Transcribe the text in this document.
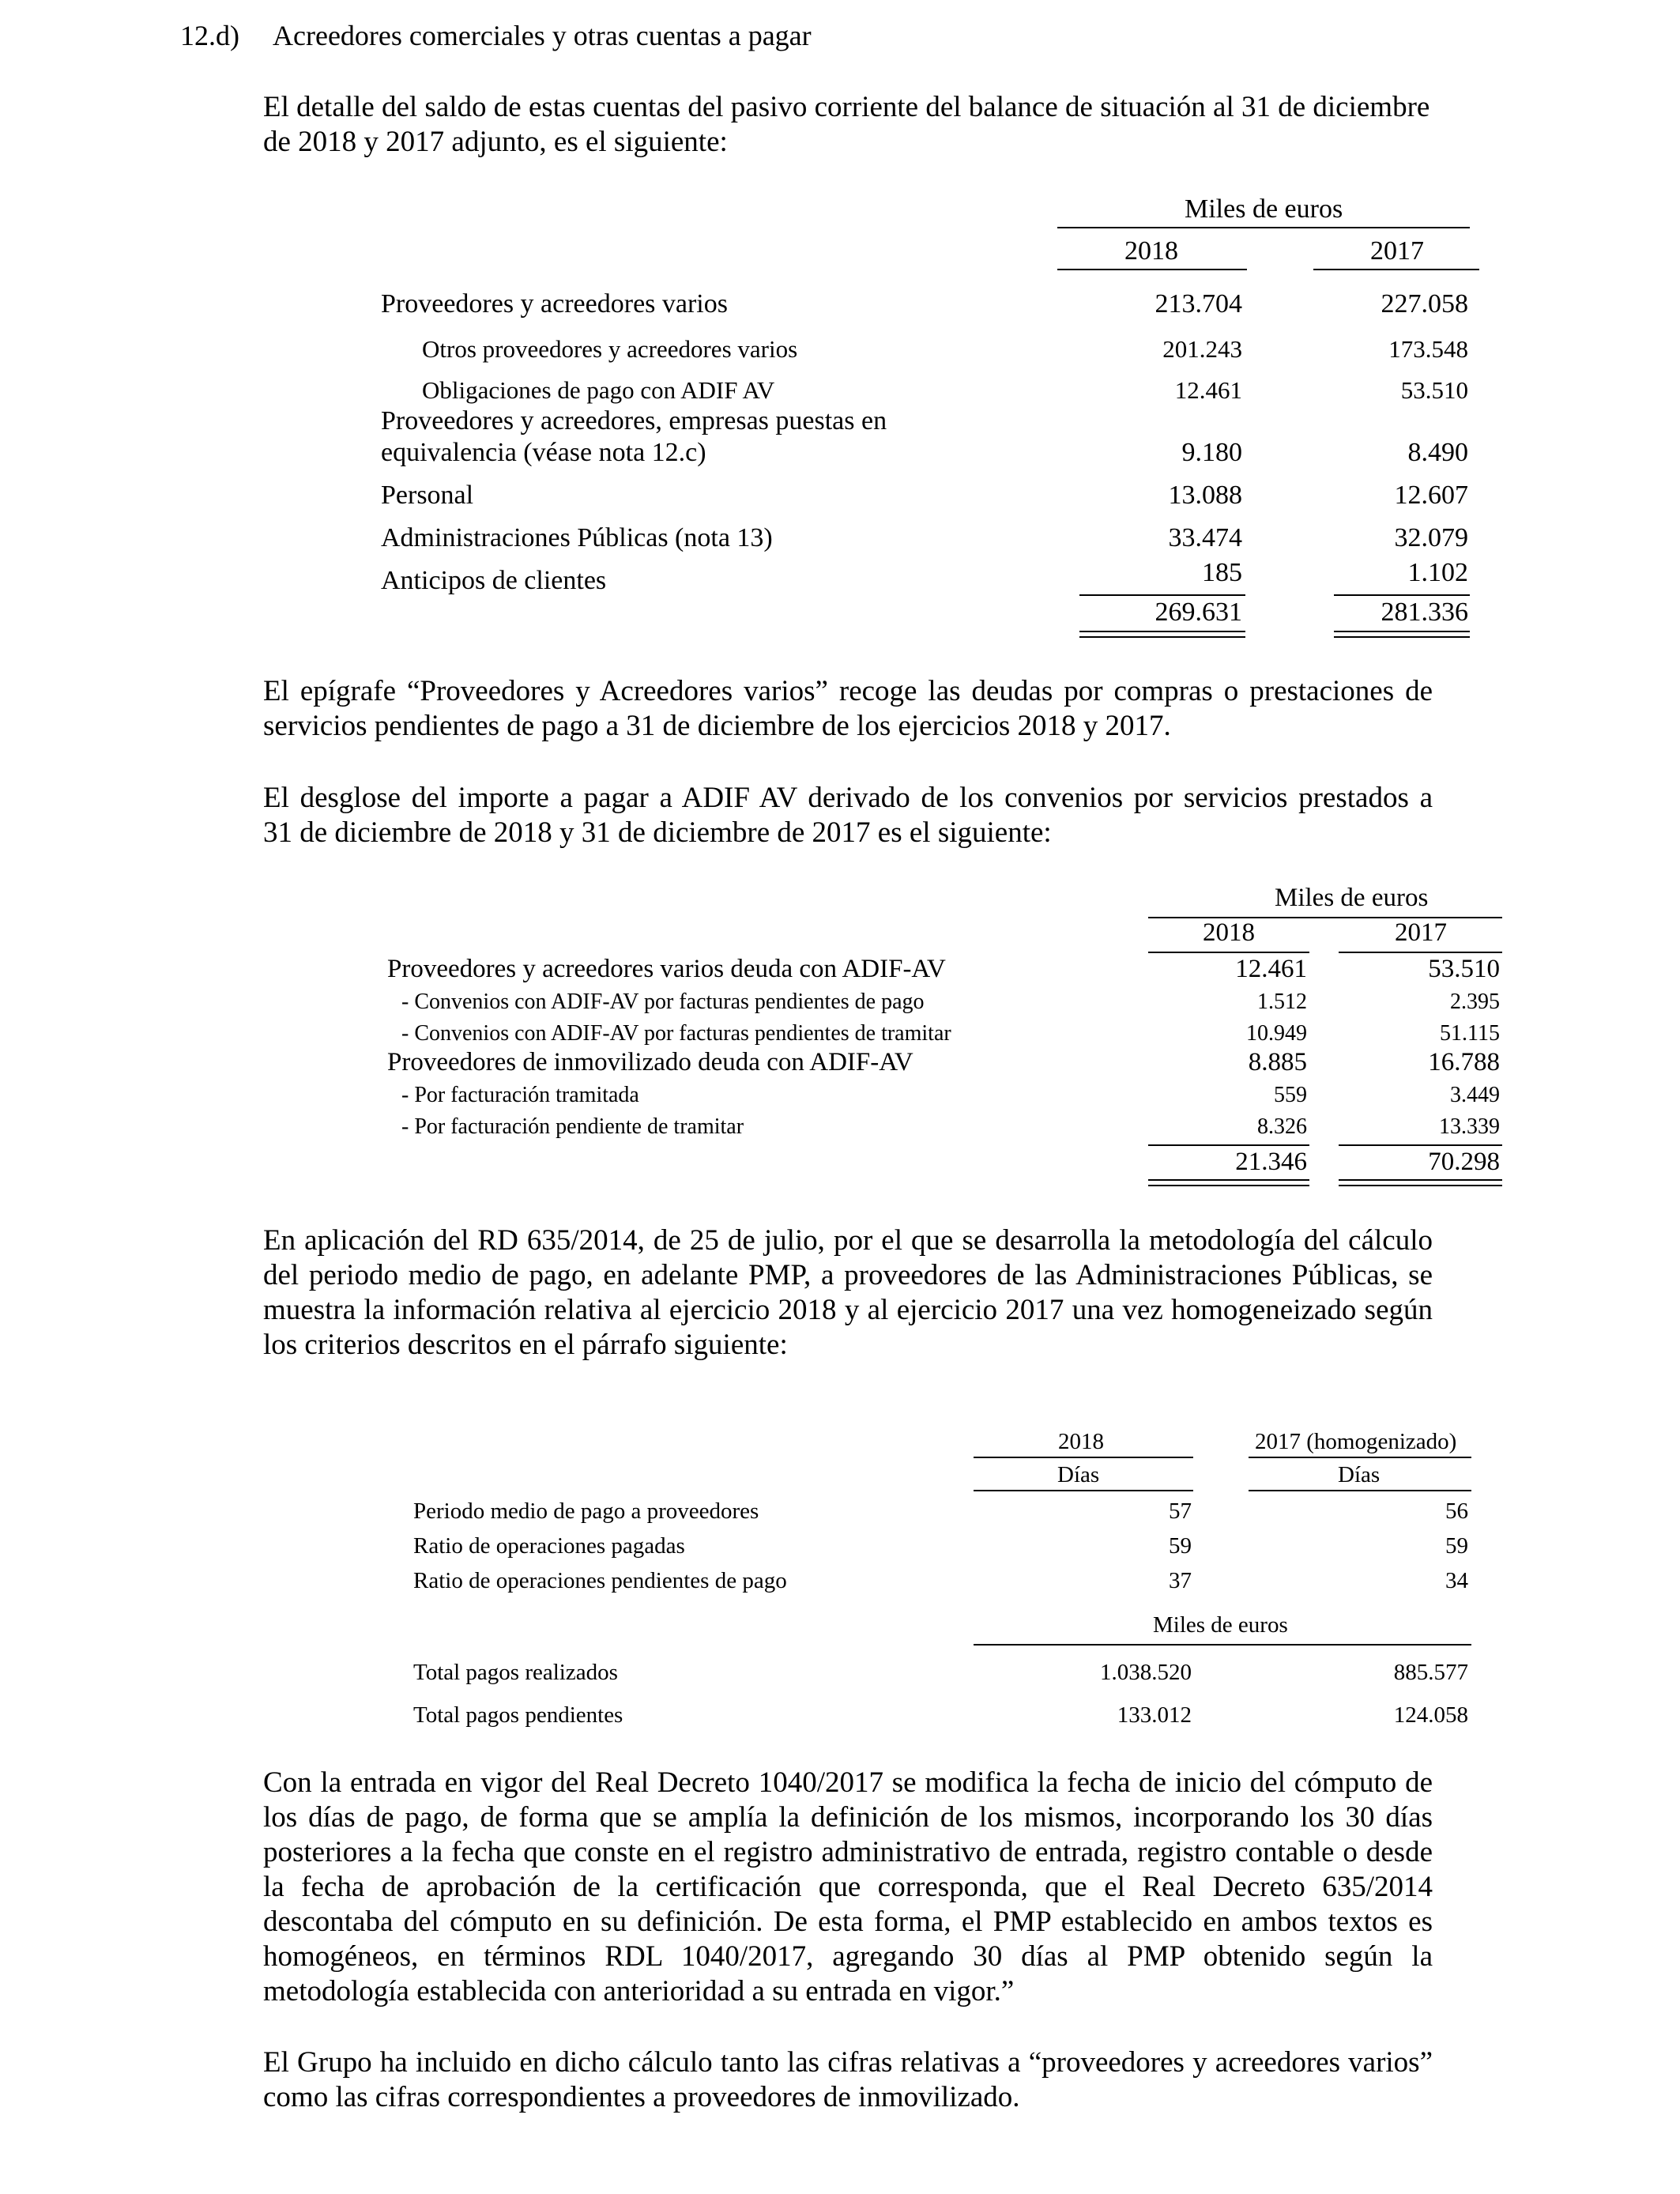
12.d) Acreedores comerciales y otras cuentas a pagar
El detalle del saldo de estas cuentas del pasivo corriente del balance de situación al 31 de diciembre
de 2018 y 2017 adjunto, es el siguiente:
Miles de euros
2018	2017
Proveedores y acreedores varios	213.704	227.058
Otros proveedores y acreedores varios	201.243	173.548
Obligaciones de pago con ADIF AV	12.461	53.510
Proveedores y acreedores, empresas puestas en
equivalencia (véase nota 12.c)	9.180	8.490
Personal	13.088	12.607
Administraciones Públicas (nota 13)	33.474	32.079
Anticipos de clientes	185	1.102
269.631	281.336
El epígrafe “Proveedores y Acreedores varios” recoge las deudas por compras o prestaciones de
servicios pendientes de pago a 31 de diciembre de los ejercicios 2018 y 2017.
El desglose del importe a pagar a ADIF AV derivado de los convenios por servicios prestados a
31 de diciembre de 2018 y 31 de diciembre de 2017 es el siguiente:
Miles de euros
2018	2017
Proveedores y acreedores varios deuda con ADIF-AV	12.461	53.510
- Convenios con ADIF-AV por facturas pendientes de pago	1.512	2.395
- Convenios con ADIF-AV por facturas pendientes de tramitar	10.949	51.115
Proveedores de inmovilizado deuda con ADIF-AV	8.885	16.788
- Por facturación tramitada	559	3.449
- Por facturación pendiente de tramitar	8.326	13.339
21.346	70.298
En aplicación del RD 635/2014, de 25 de julio, por el que se desarrolla la metodología del cálculo
del periodo medio de pago, en adelante PMP, a proveedores de las Administraciones Públicas, se
muestra la información relativa al ejercicio 2018 y al ejercicio 2017 una vez homogeneizado según
los criterios descritos en el párrafo siguiente:
2018	2017 (homogenizado)
Días	Días
Periodo medio de pago a proveedores	57	56
Ratio de operaciones pagadas	59	59
Ratio de operaciones pendientes de pago	37	34
Miles de euros
Total pagos realizados	1.038.520	885.577
Total pagos pendientes	133.012	124.058
Con la entrada en vigor del Real Decreto 1040/2017 se modifica la fecha de inicio del cómputo de
los días de pago, de forma que se amplía la definición de los mismos, incorporando los 30 días
posteriores a la fecha que conste en el registro administrativo de entrada, registro contable o desde
la fecha de aprobación de la certificación que corresponda, que el Real Decreto 635/2014
descontaba del cómputo en su definición. De esta forma, el PMP establecido en ambos textos es
homogéneos, en términos RDL 1040/2017, agregando 30 días al PMP obtenido según la
metodología establecida con anterioridad a su entrada en vigor.”
El Grupo ha incluido en dicho cálculo tanto las cifras relativas a “proveedores y acreedores varios”
como las cifras correspondientes a proveedores de inmovilizado.
